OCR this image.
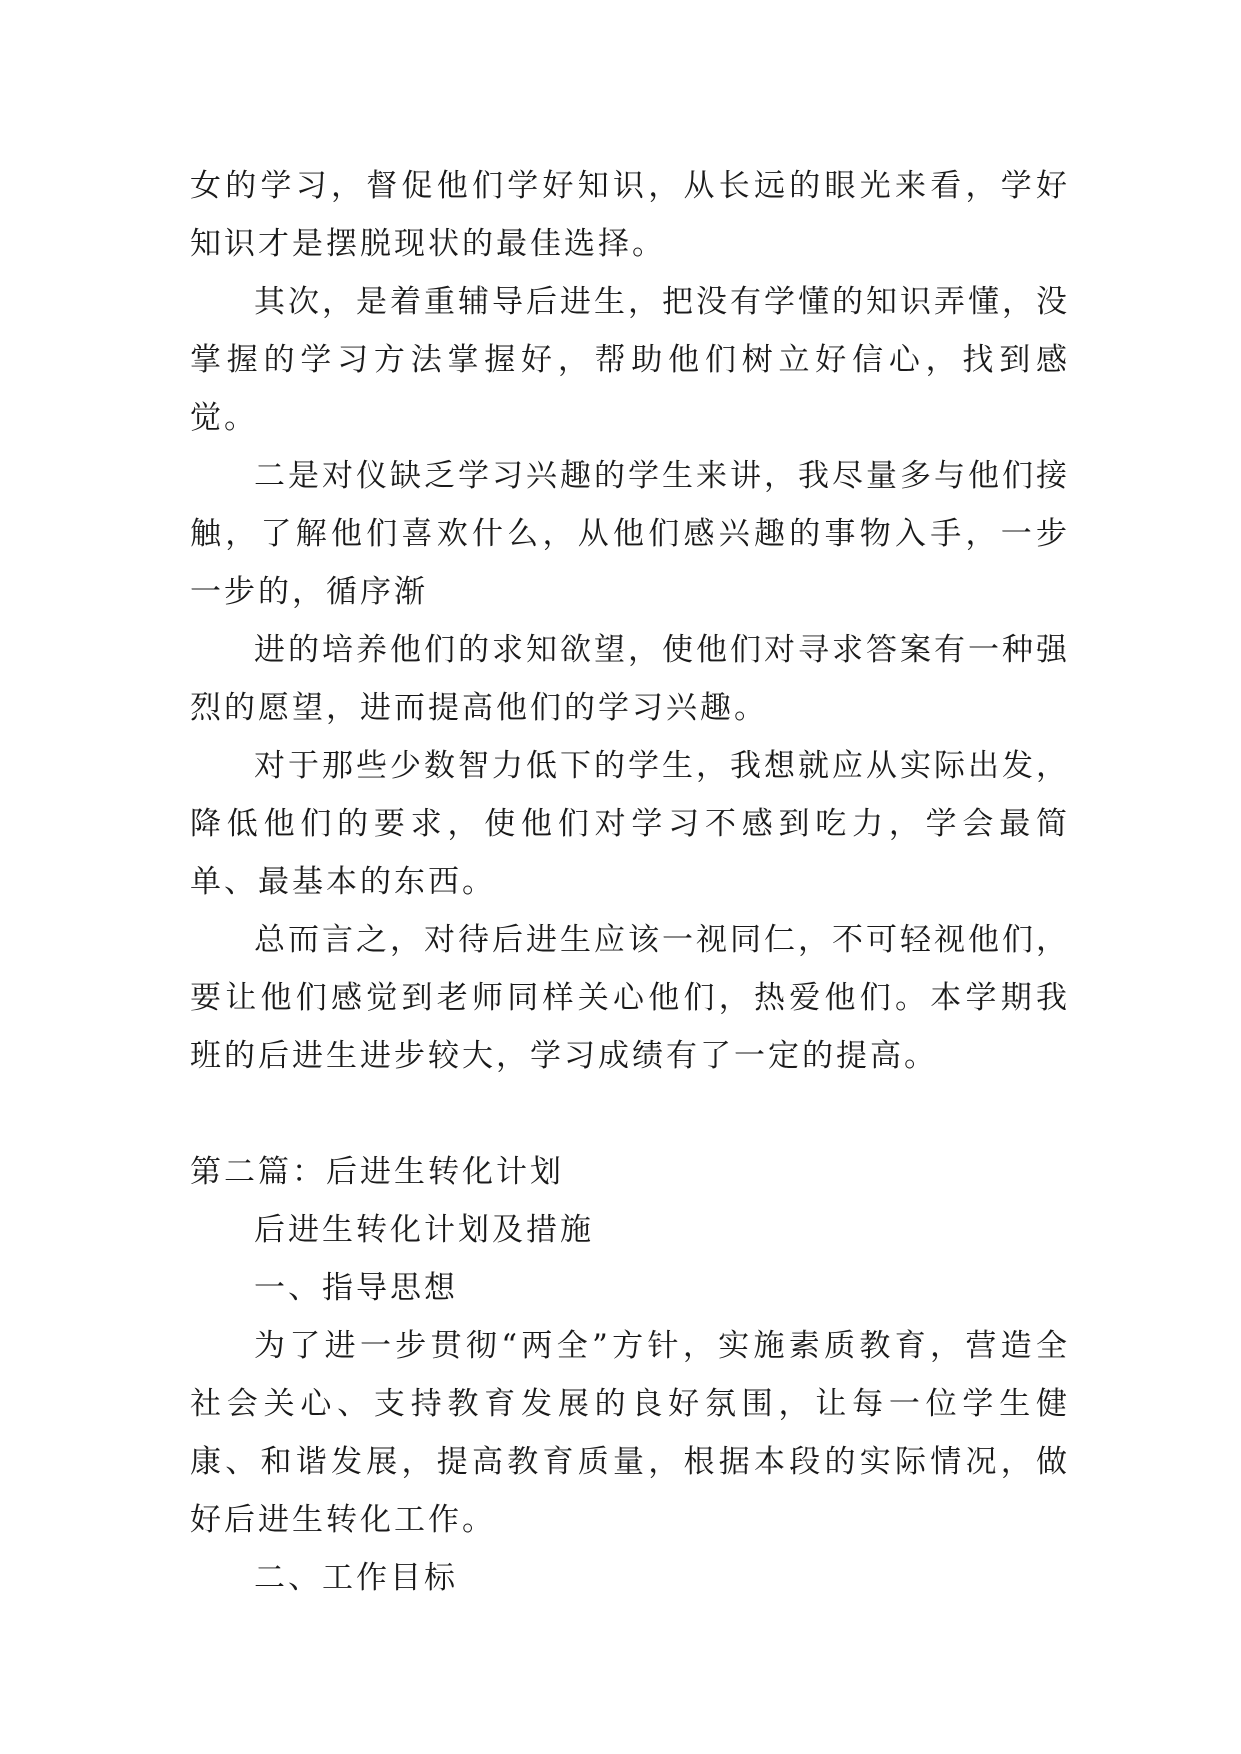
女的学习，督促他们学好知识，从长远的眼光来看，学好知识才是摆脱现状的最佳选择。

其次，是着重辅导后进生，把没有学懂的知识弄懂，没掌握的学习方法掌握好，帮助他们树立好信心，找到感觉。

二是对仪缺乏学习兴趣的学生来讲，我尽量多与他们接触，了解他们喜欢什么，从他们感兴趣的事物入手，一步一步的，循序渐

进的培养他们的求知欲望，使他们对寻求答案有一种强烈的愿望，进而提高他们的学习兴趣。

对于那些少数智力低下的学生，我想就应从实际出发，降低他们的要求，使他们对学习不感到吃力，学会最简单、最基本的东西。

总而言之，对待后进生应该一视同仁，不可轻视他们，要让他们感觉到老师同样关心他们，热爱他们。本学期我班的后进生进步较大，学习成绩有了一定的提高。

第二篇：后进生转化计划

后进生转化计划及措施

一、指导思想

为了进一步贯彻“两全”方针，实施素质教育，营造全社会关心、支持教育发展的良好氛围，让每一位学生健康、和谐发展，提高教育质量，根据本段的实际情况，做好后进生转化工作。

二、工作目标
